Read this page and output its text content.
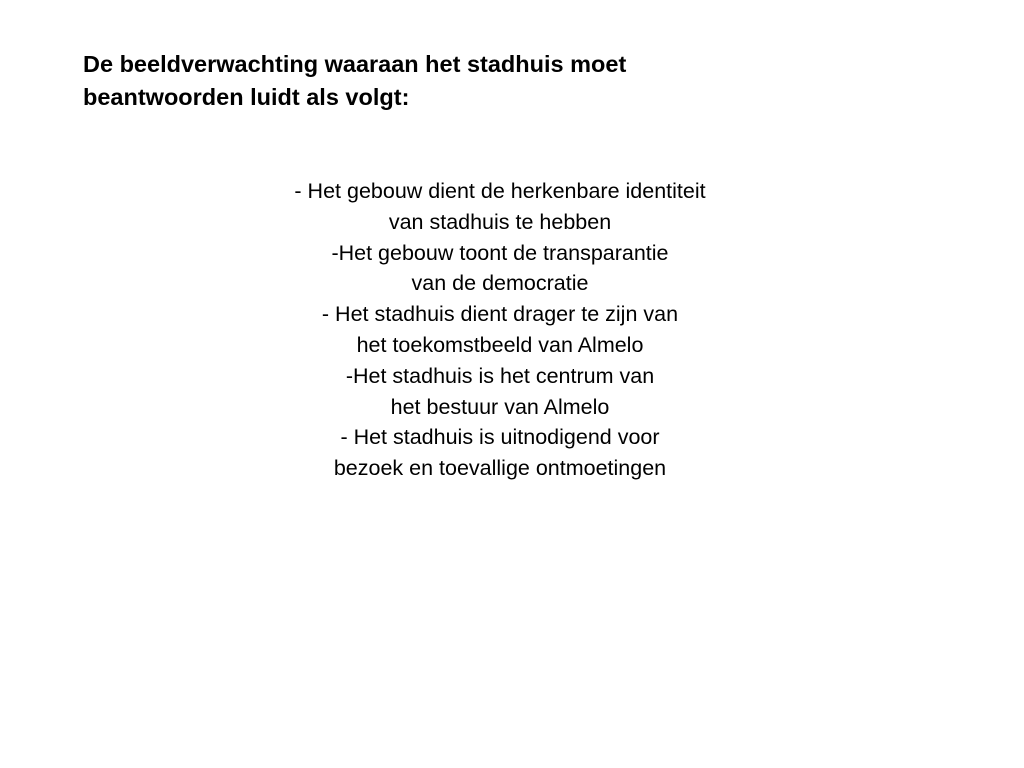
De beeldverwachting waaraan het stadhuis moet
beantwoorden luidt als volgt:
- Het gebouw dient de herkenbare identiteit
van stadhuis te hebben
-Het gebouw toont de transparantie
van de democratie
- Het stadhuis dient drager te zijn van
het toekomstbeeld van Almelo
-Het stadhuis is het centrum van
het bestuur van Almelo
- Het stadhuis is uitnodigend voor
bezoek en toevallige ontmoetingen
